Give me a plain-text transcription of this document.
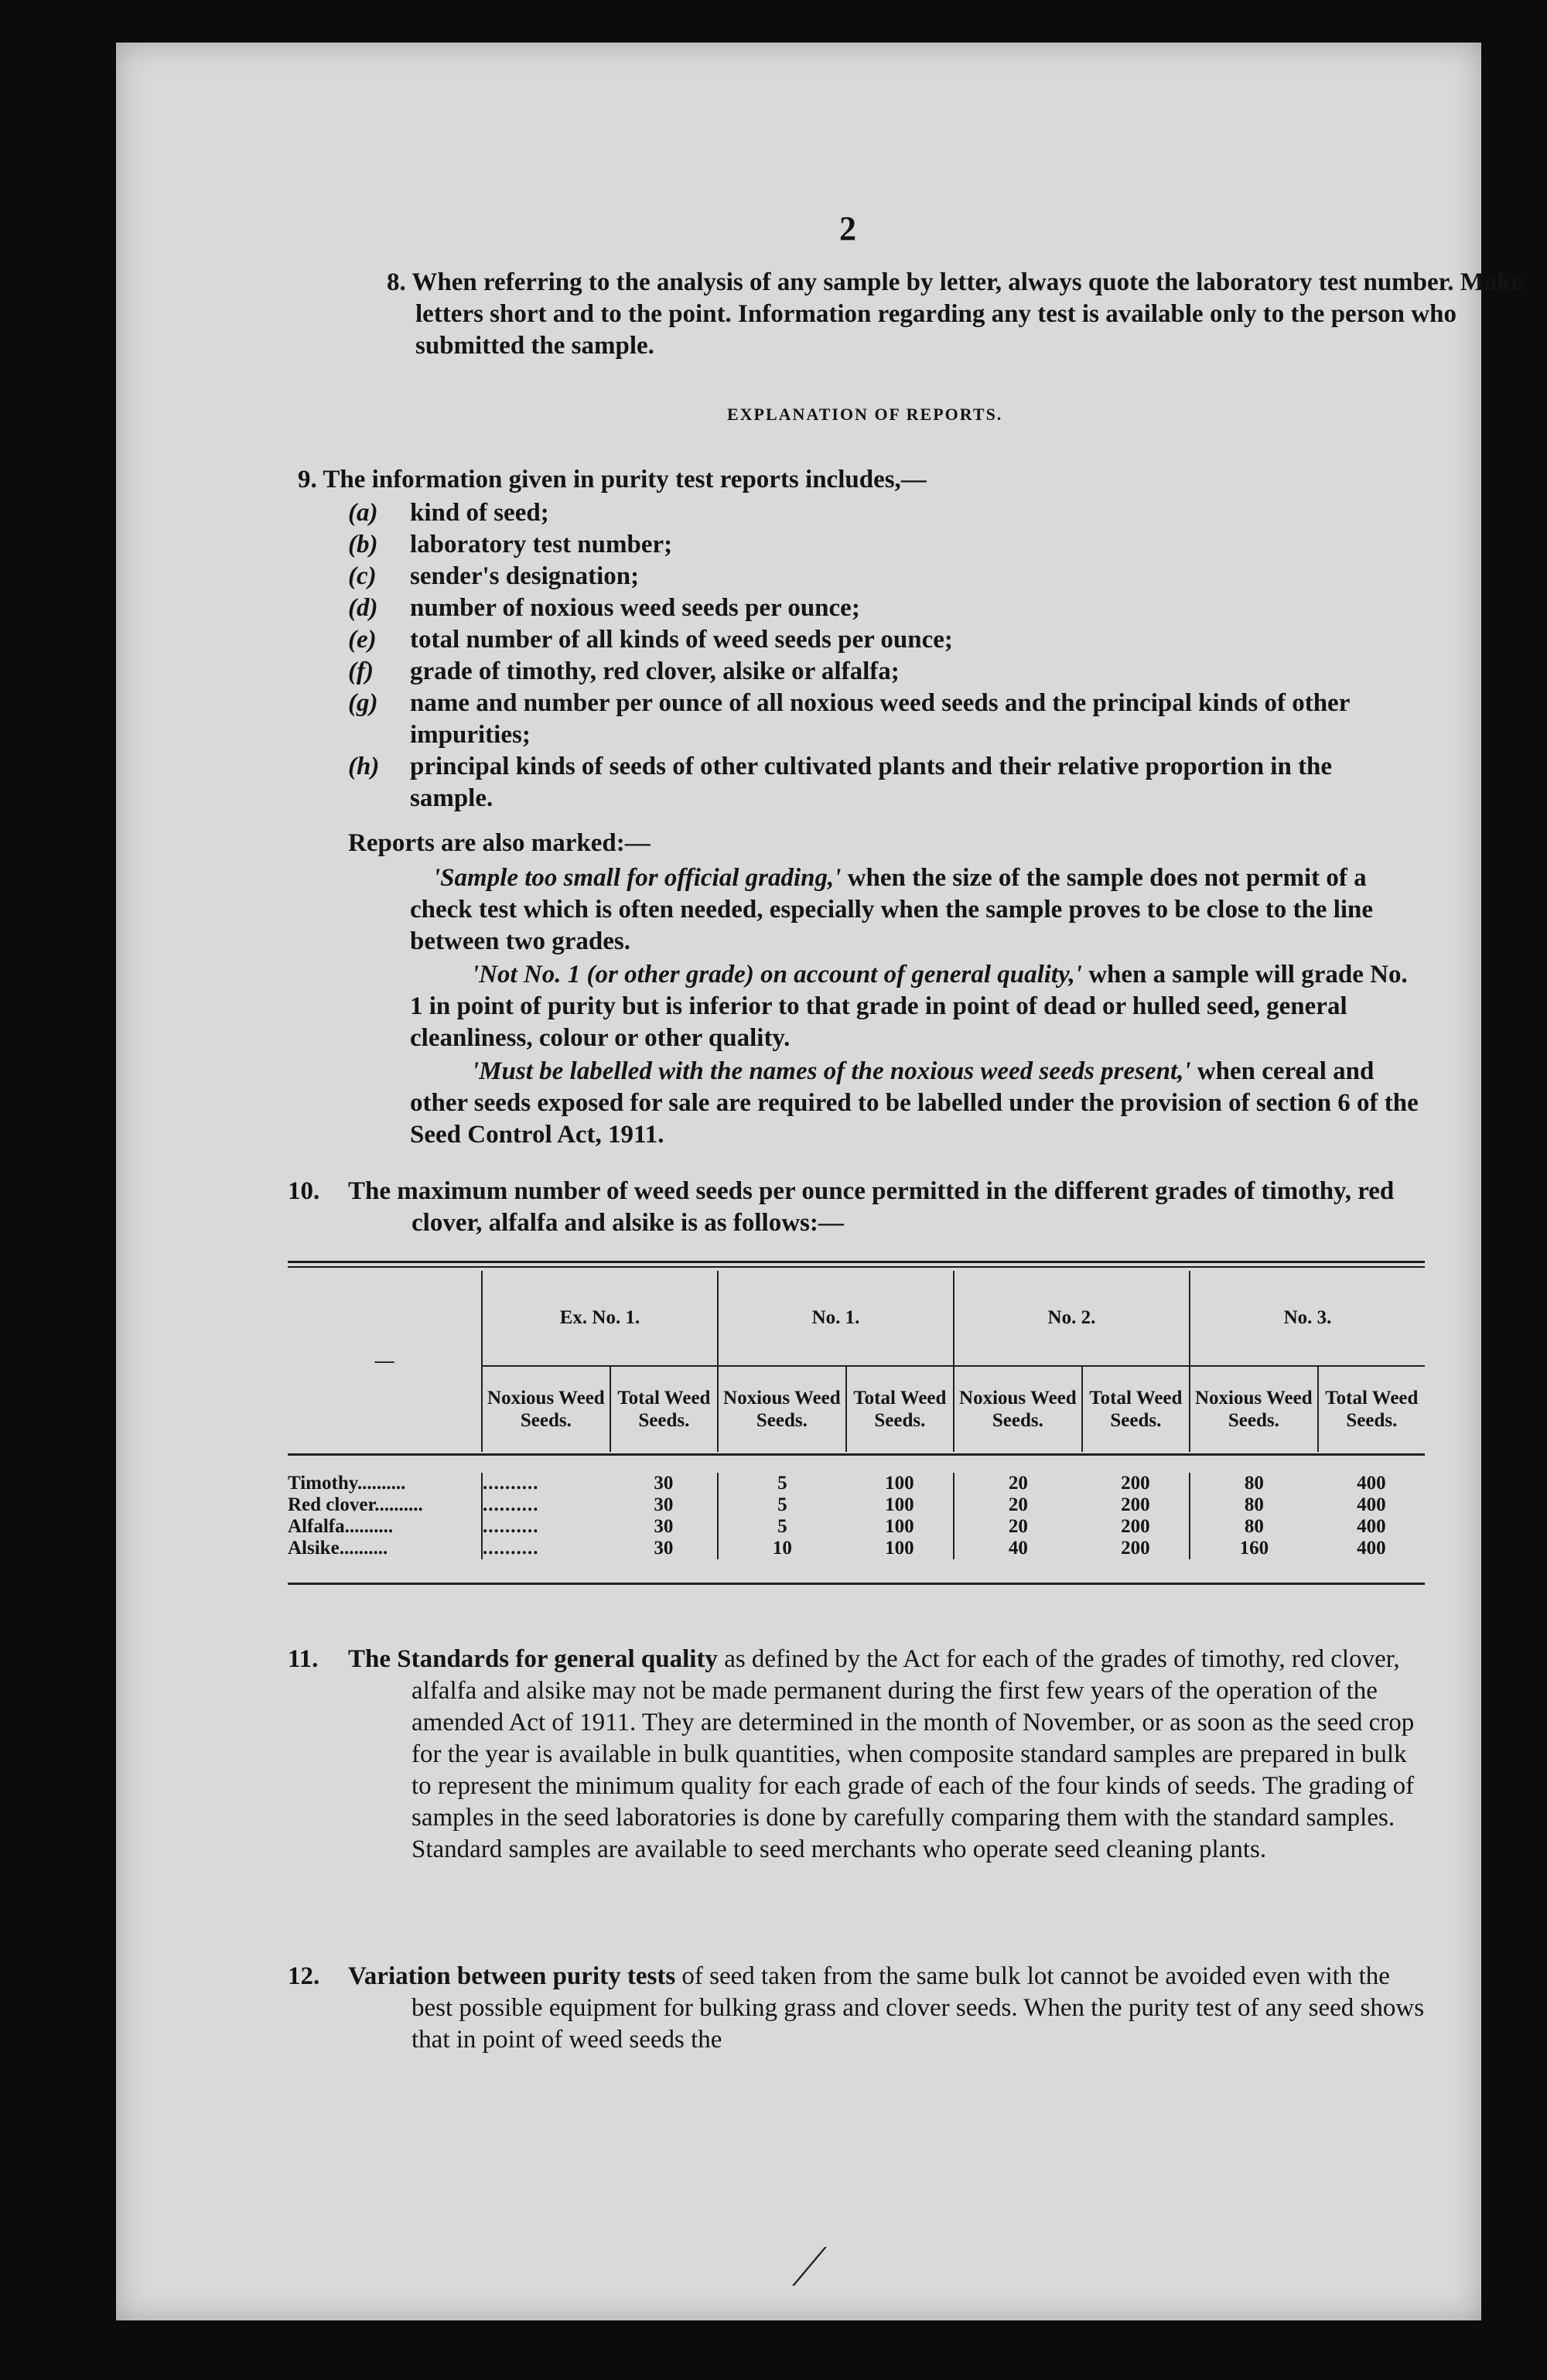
2
8. When referring to the analysis of any sample by letter, always quote the laboratory test number. Make letters short and to the point. Information regarding any test is available only to the person who submitted the sample.
EXPLANATION OF REPORTS.
9. The information given in purity test reports includes,—
(a)	kind of seed;
(b)	laboratory test number;
(c)	sender's designation;
(d)	number of noxious weed seeds per ounce;
(e)	total number of all kinds of weed seeds per ounce;
(f)	grade of timothy, red clover, alsike or alfalfa;
(g)	name and number per ounce of all noxious weed seeds and the principal kinds of other impurities;
(h)	principal kinds of seeds of other cultivated plants and their relative proportion in the sample.
Reports are also marked:—
'Sample too small for official grading,' when the size of the sample does not permit of a check test which is often needed, especially when the sample proves to be close to the line between two grades.
'Not No. 1 (or other grade) on account of general quality,' when a sample will grade No. 1 in point of purity but is inferior to that grade in point of dead or hulled seed, general cleanliness, colour or other quality.
'Must be labelled with the names of the noxious weed seeds present,' when cereal and other seeds exposed for sale are required to be labelled under the provision of section 6 of the Seed Control Act, 1911.
10. The maximum number of weed seeds per ounce permitted in the different grades of timothy, red clover, alfalfa and alsike is as follows:—
—	Ex. No. 1.		No. 1.		No. 2.		No. 3.	
	Noxious Weed Seeds.	Total Weed Seeds.	Noxious Weed Seeds.	Total Weed Seeds.	Noxious Weed Seeds.	Total Weed Seeds.	Noxious Weed Seeds.	Total Weed Seeds.

Timothy..........	..........	30	5	100	20	200	80	400
Red clover..........	..........	30	5	100	20	200	80	400
Alfalfa..........	..........	30	5	100	20	200	80	400
Alsike..........	..........	30	10	100	40	200	160	400

11. The Standards for general quality as defined by the Act for each of the grades of timothy, red clover, alfalfa and alsike may not be made permanent during the first few years of the operation of the amended Act of 1911. They are determined in the month of November, or as soon as the seed crop for the year is available in bulk quantities, when composite standard samples are prepared in bulk to represent the minimum quality for each grade of each of the four kinds of seeds. The grading of samples in the seed laboratories is done by carefully comparing them with the standard samples. Standard samples are available to seed merchants who operate seed cleaning plants.
12. Variation between purity tests of seed taken from the same bulk lot cannot be avoided even with the best possible equipment for bulking grass and clover seeds. When the purity test of any seed shows that in point of weed seeds the
